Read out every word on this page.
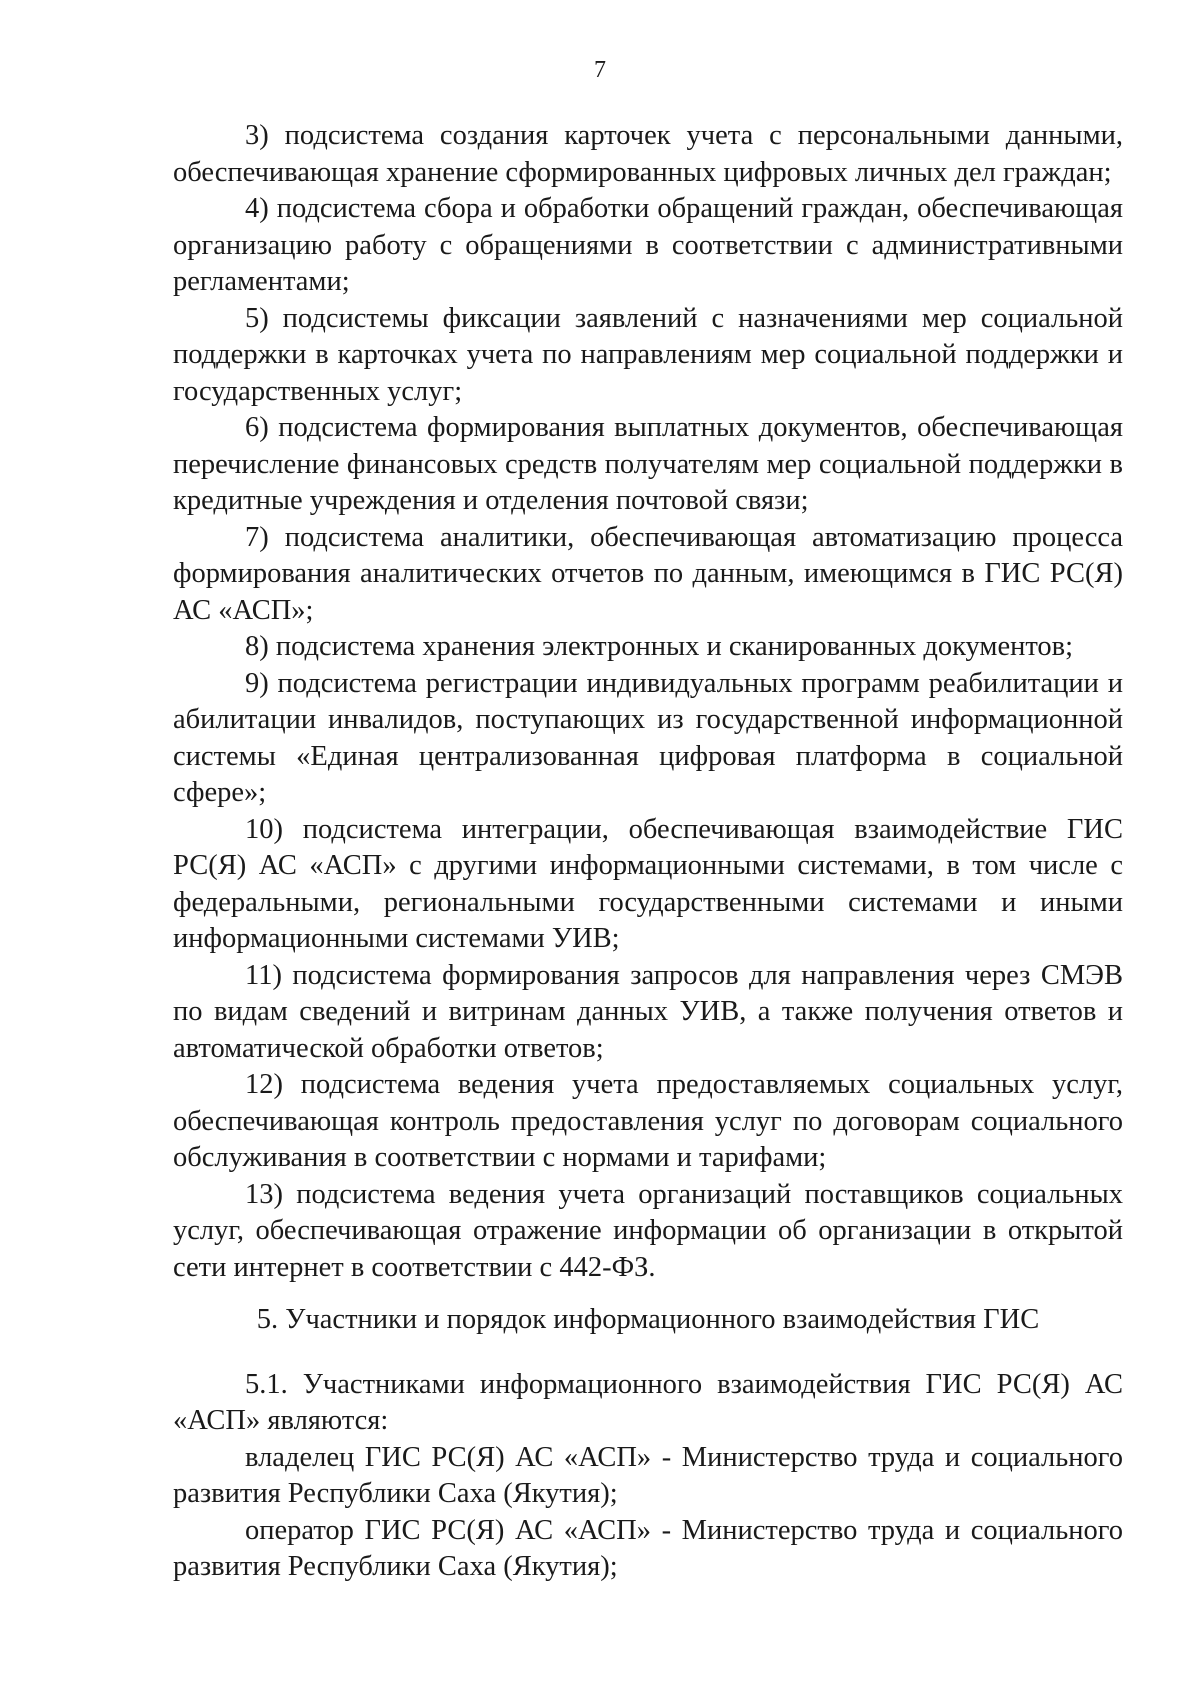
7

3) подсистема создания карточек учета с персональными данными, обеспечивающая хранение сформированных цифровых личных дел граждан;

4) подсистема сбора и обработки обращений граждан, обеспечивающая организацию работу с обращениями в соответствии с административными регламентами;

5) подсистемы фиксации заявлений с назначениями мер социальной поддержки в карточках учета по направлениям мер социальной поддержки и государственных услуг;

6) подсистема формирования выплатных документов, обеспечивающая перечисление финансовых средств получателям мер социальной поддержки в кредитные учреждения и отделения почтовой связи;

7) подсистема аналитики, обеспечивающая автоматизацию процесса формирования аналитических отчетов по данным, имеющимся в ГИС РС(Я) АС «АСП»;

8) подсистема хранения электронных и сканированных документов;

9) подсистема регистрации индивидуальных программ реабилитации и абилитации инвалидов, поступающих из государственной информационной системы «Единая централизованная цифровая платформа в социальной сфере»;

10) подсистема интеграции, обеспечивающая взаимодействие ГИС РС(Я) АС «АСП» с другими информационными системами, в том числе с федеральными, региональными государственными системами и иными информационными системами УИВ;

11) подсистема формирования запросов для направления через СМЭВ по видам сведений и витринам данных УИВ, а также получения ответов и автоматической обработки ответов;

12) подсистема ведения учета предоставляемых социальных услуг, обеспечивающая контроль предоставления услуг по договорам социального обслуживания в соответствии с нормами и тарифами;

13) подсистема ведения учета организаций поставщиков социальных услуг, обеспечивающая отражение информации об организации в открытой сети интернет в соответствии с 442-ФЗ.

5. Участники и порядок информационного взаимодействия ГИС

5.1. Участниками информационного взаимодействия ГИС РС(Я) АС «АСП» являются:

владелец ГИС РС(Я) АС «АСП» - Министерство труда и социального развития Республики Саха (Якутия);

оператор ГИС РС(Я) АС «АСП» - Министерство труда и социального развития Республики Саха (Якутия);
